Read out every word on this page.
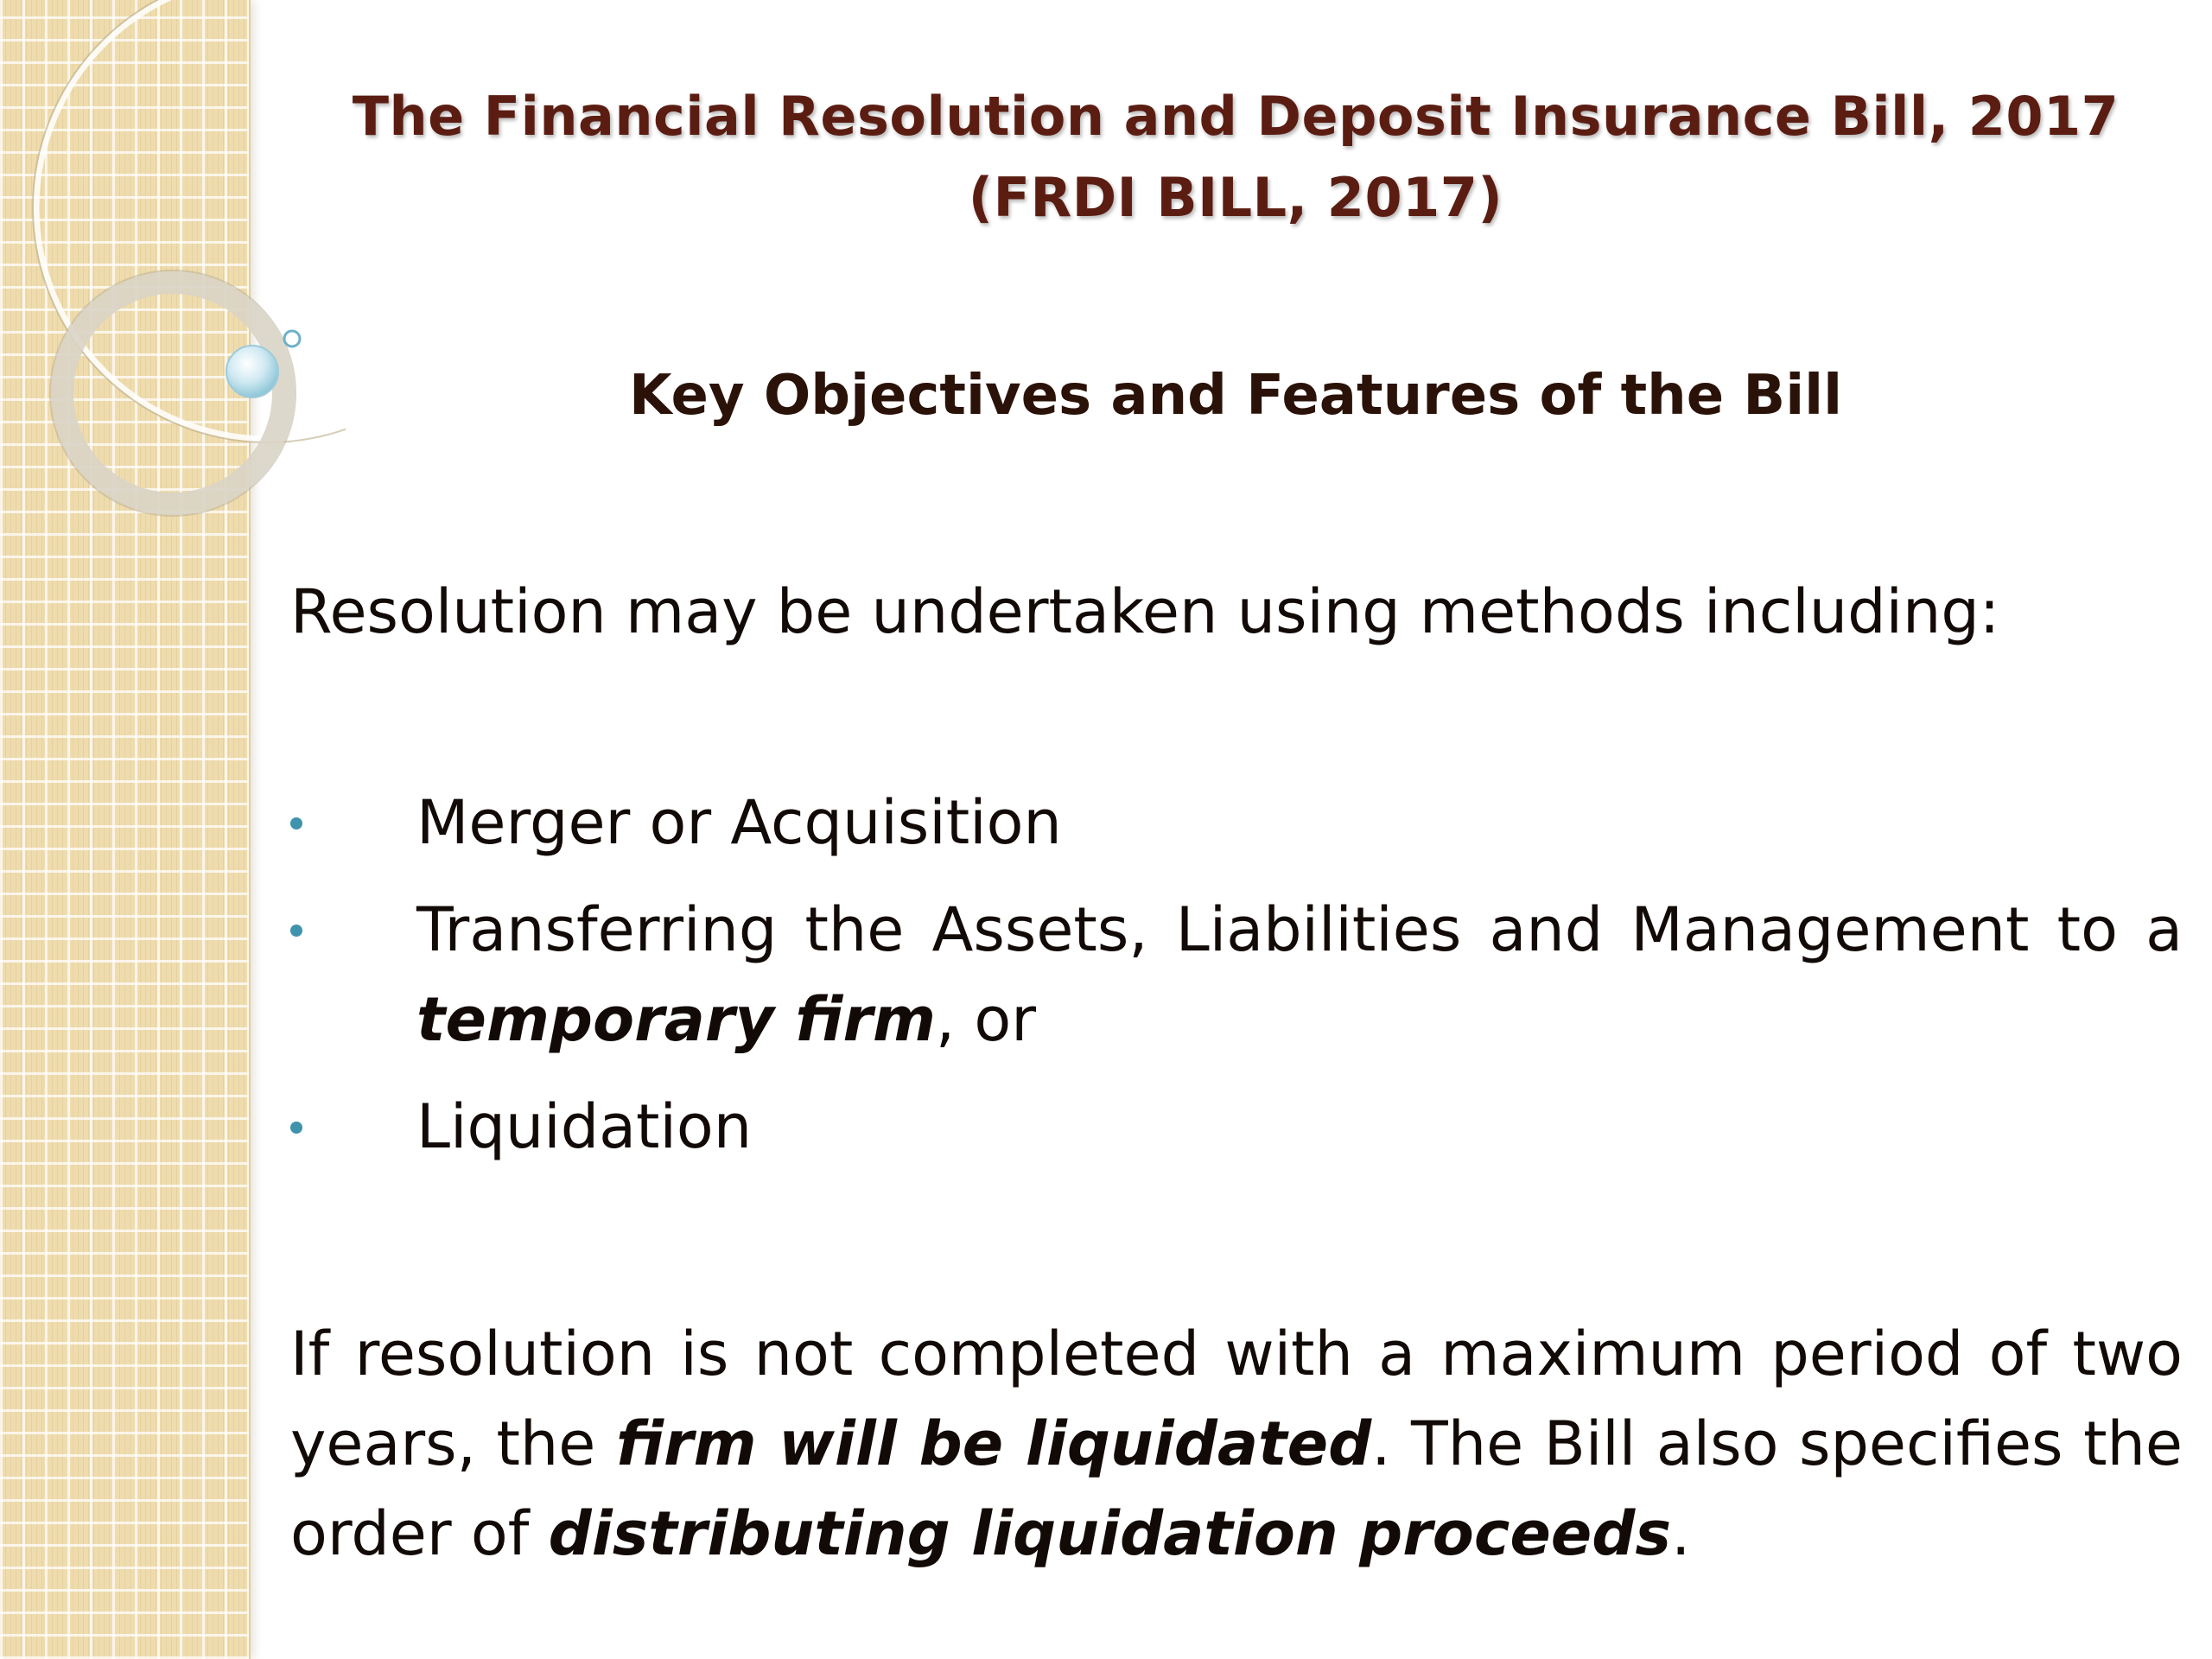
The Financial Resolution and Deposit Insurance Bill, 2017

(FRDI BILL, 2017)

Key Objectives and Features of the Bill

Resolution may be undertaken using methods including:

Merger or Acquisition
Transferring the Assets, Liabilities and Management to a temporary firm, or
Liquidation

If resolution is not completed with a maximum period of two years, the firm will be liquidated. The Bill also specifies the order of distributing liquidation proceeds.
